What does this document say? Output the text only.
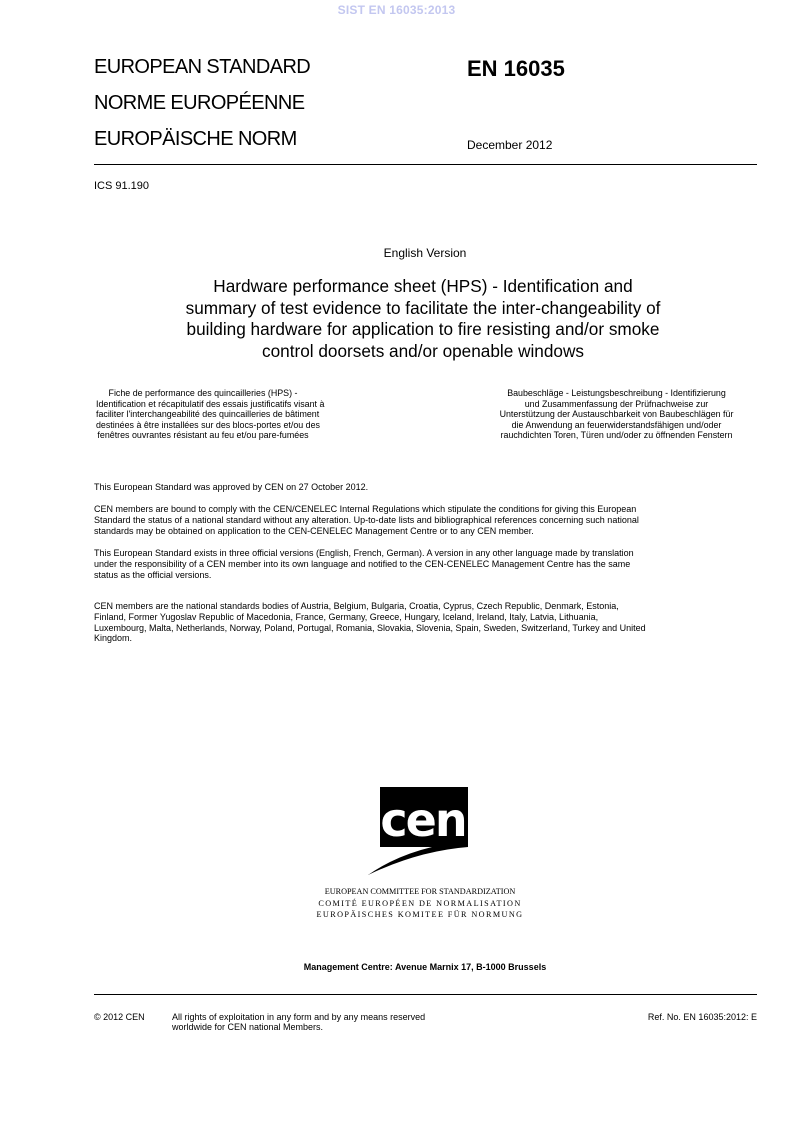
SIST EN 16035:2013
EUROPEAN STANDARD
NORME EUROPÉENNE
EUROPÄISCHE NORM
EN 16035
December 2012
ICS 91.190
English Version
Hardware performance sheet (HPS) - Identification and
summary of test evidence to facilitate the inter-changeability of
building hardware for application to fire resisting and/or smoke
control doorsets and/or openable windows
Fiche de performance des quincailleries (HPS) -
Identification et récapitulatif des essais justificatifs visant à
faciliter l'interchangeabilité des quincailleries de bâtiment
destinées à être installées sur des blocs-portes et/ou des
fenêtres ouvrantes résistant au feu et/ou pare-fumées
Baubeschläge - Leistungsbeschreibung - Identifizierung
und Zusammenfassung der Prüfnachweise zur
Unterstützung der Austauschbarkeit von Baubeschlägen für
die Anwendung an feuerwiderstandsfähigen und/oder
rauchdichten Toren, Türen und/oder zu öffnenden Fenstern
This European Standard was approved by CEN on 27 October 2012.
CEN members are bound to comply with the CEN/CENELEC Internal Regulations which stipulate the conditions for giving this European
Standard the status of a national standard without any alteration. Up-to-date lists and bibliographical references concerning such national
standards may be obtained on application to the CEN-CENELEC Management Centre or to any CEN member.
This European Standard exists in three official versions (English, French, German). A version in any other language made by translation
under the responsibility of a CEN member into its own language and notified to the CEN-CENELEC Management Centre has the same
status as the official versions.
CEN members are the national standards bodies of Austria, Belgium, Bulgaria, Croatia, Cyprus, Czech Republic, Denmark, Estonia,
Finland, Former Yugoslav Republic of Macedonia, France, Germany, Greece, Hungary, Iceland, Ireland, Italy, Latvia, Lithuania,
Luxembourg, Malta, Netherlands, Norway, Poland, Portugal, Romania, Slovakia, Slovenia, Spain, Sweden, Switzerland, Turkey and United
Kingdom.
cen
EUROPEAN COMMITTEE FOR STANDARDIZATION
COMITÉ EUROPÉEN DE NORMALISATION
EUROPÄISCHES KOMITEE FÜR NORMUNG
Management Centre: Avenue Marnix 17, B-1000 Brussels
© 2012 CEN	All rights of exploitation in any form and by any means reserved
worldwide for CEN national Members.
Ref. No. EN 16035:2012: E
